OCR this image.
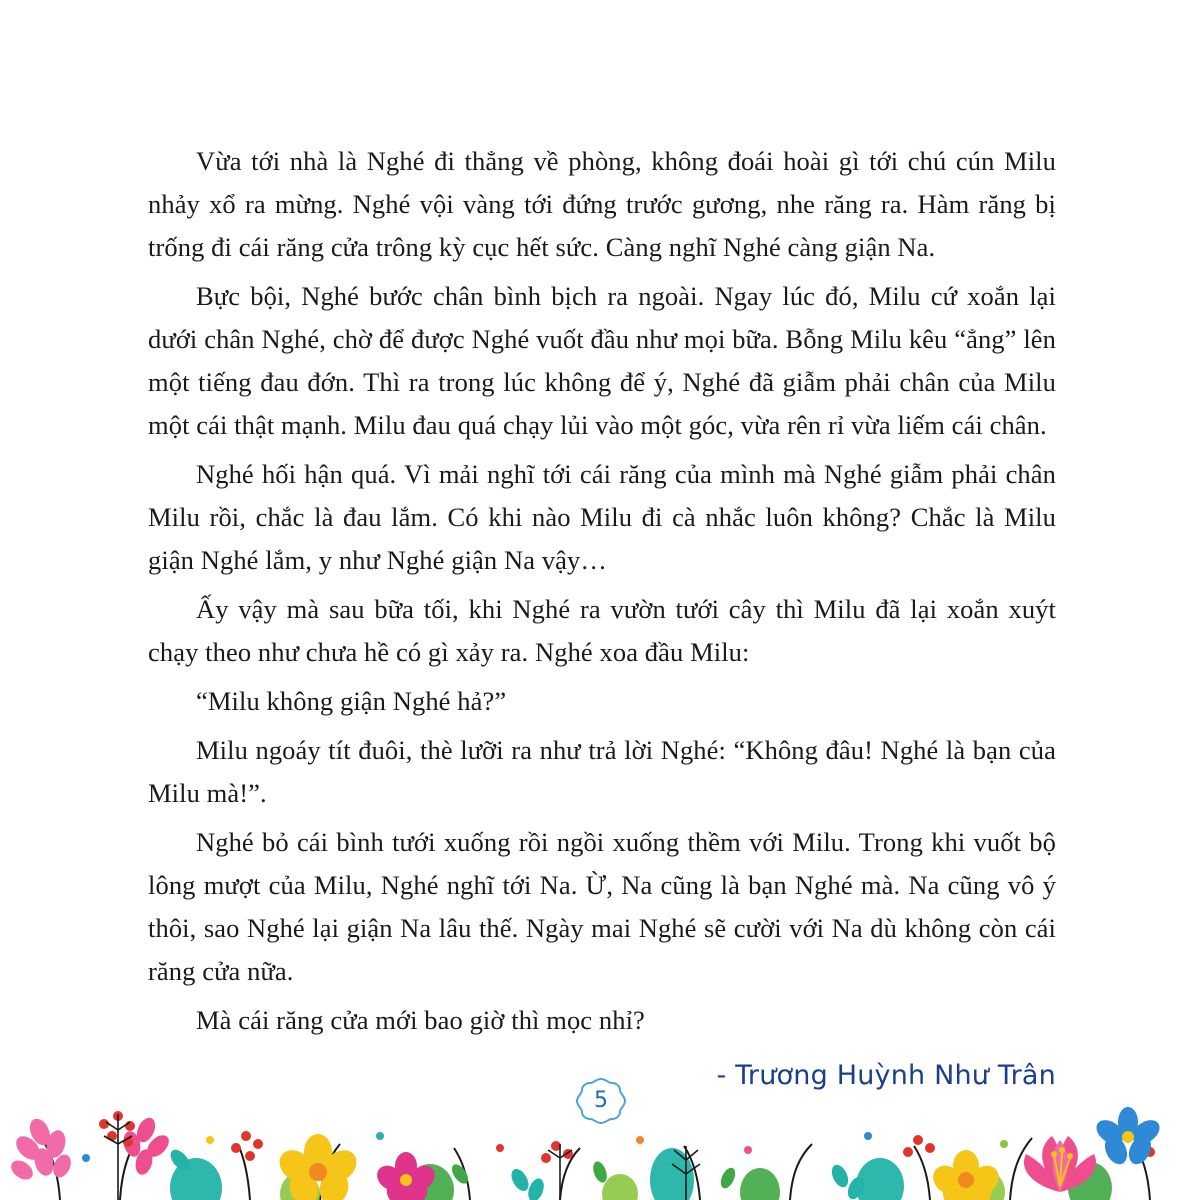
Vừa tới nhà là Nghé đi thẳng về phòng, không đoái hoài gì tới chú cún Milu nhảy xổ ra mừng. Nghé vội vàng tới đứng trước gương, nhe răng ra. Hàm răng bị trống đi cái răng cửa trông kỳ cục hết sức. Càng nghĩ Nghé càng giận Na.

Bực bội, Nghé bước chân bình bịch ra ngoài. Ngay lúc đó, Milu cứ xoắn lại dưới chân Nghé, chờ để được Nghé vuốt đầu như mọi bữa. Bỗng Milu kêu “ẳng” lên một tiếng đau đớn. Thì ra trong lúc không để ý, Nghé đã giẫm phải chân của Milu một cái thật mạnh. Milu đau quá chạy lủi vào một góc, vừa rên rỉ vừa liếm cái chân.

Nghé hối hận quá. Vì mải nghĩ tới cái răng của mình mà Nghé giẫm phải chân Milu rồi, chắc là đau lắm. Có khi nào Milu đi cà nhắc luôn không? Chắc là Milu giận Nghé lắm, y như Nghé giận Na vậy…

Ấy vậy mà sau bữa tối, khi Nghé ra vườn tưới cây thì Milu đã lại xoắn xuýt chạy theo như chưa hề có gì xảy ra. Nghé xoa đầu Milu:

“Milu không giận Nghé hả?”

Milu ngoáy tít đuôi, thè lưỡi ra như trả lời Nghé: “Không đâu! Nghé là bạn của Milu mà!”.

Nghé bỏ cái bình tưới xuống rồi ngồi xuống thềm với Milu. Trong khi vuốt bộ lông mượt của Milu, Nghé nghĩ tới Na. Ừ, Na cũng là bạn Nghé mà. Na cũng vô ý thôi, sao Nghé lại giận Na lâu thế. Ngày mai Nghé sẽ cười với Na dù không còn cái răng cửa nữa.

Mà cái răng cửa mới bao giờ thì mọc nhỉ?

- Trương Huỳnh Như Trân
5
